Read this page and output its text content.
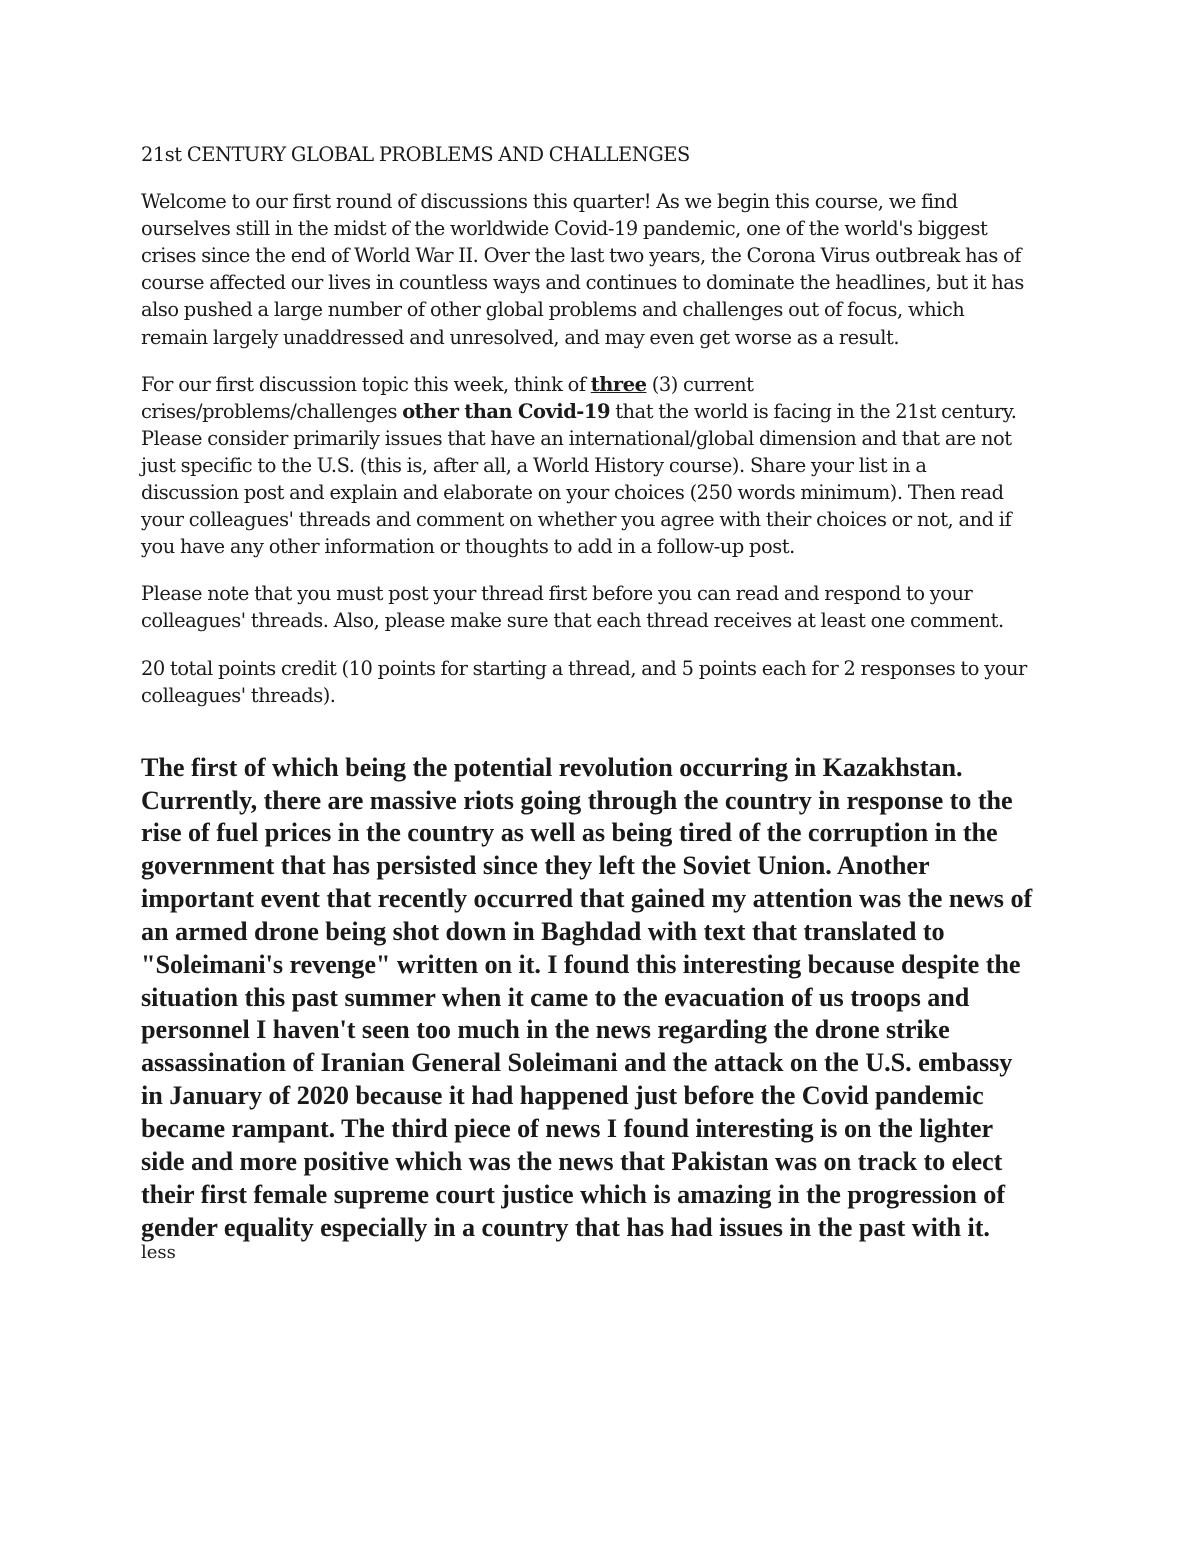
21st CENTURY GLOBAL PROBLEMS AND CHALLENGES

Welcome to our first round of discussions this quarter! As we begin this course, we find
ourselves still in the midst of the worldwide Covid-19 pandemic, one of the world's biggest
crises since the end of World War II. Over the last two years, the Corona Virus outbreak has of
course affected our lives in countless ways and continues to dominate the headlines, but it has
also pushed a large number of other global problems and challenges out of focus, which
remain largely unaddressed and unresolved, and may even get worse as a result.

For our first discussion topic this week, think of three (3) current
crises/problems/challenges other than Covid-19 that the world is facing in the 21st century.
Please consider primarily issues that have an international/global dimension and that are not
just specific to the U.S. (this is, after all, a World History course). Share your list in a
discussion post and explain and elaborate on your choices (250 words minimum). Then read
your colleagues' threads and comment on whether you agree with their choices or not, and if
you have any other information or thoughts to add in a follow-up post.

Please note that you must post your thread first before you can read and respond to your
colleagues' threads. Also, please make sure that each thread receives at least one comment.

20 total points credit (10 points for starting a thread, and 5 points each for 2 responses to your
colleagues' threads).

The first of which being the potential revolution occurring in Kazakhstan.
Currently, there are massive riots going through the country in response to the
rise of fuel prices in the country as well as being tired of the corruption in the
government that has persisted since they left the Soviet Union. Another
important event that recently occurred that gained my attention was the news of
an armed drone being shot down in Baghdad with text that translated to
"Soleimani's revenge" written on it. I found this interesting because despite the
situation this past summer when it came to the evacuation of us troops and
personnel I haven't seen too much in the news regarding the drone strike
assassination of Iranian General Soleimani and the attack on the U.S. embassy
in January of 2020 because it had happened just before the Covid pandemic
became rampant. The third piece of news I found interesting is on the lighter
side and more positive which was the news that Pakistan was on track to elect
their first female supreme court justice which is amazing in the progression of
gender equality especially in a country that has had issues in the past with it.
less
